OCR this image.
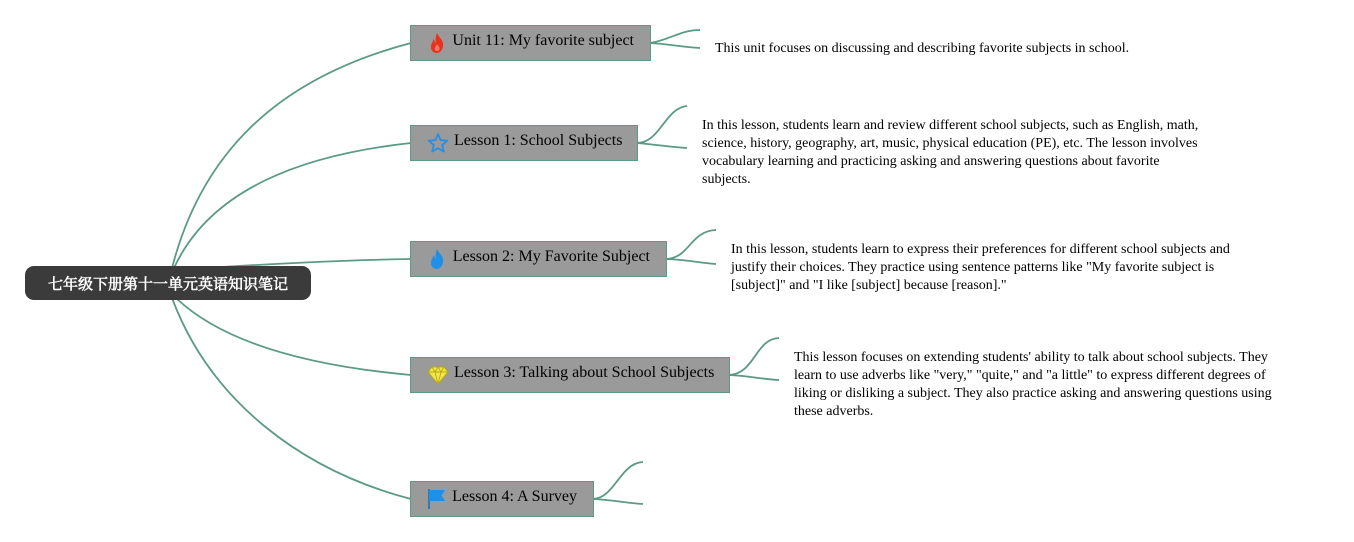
七年级下册第十一单元英语知识笔记
Unit 11: My favorite subject	This unit focuses on discussing and describing favorite subjects in school.
Lesson 1: School Subjects
In this lesson, students learn and review different school subjects, such as English, math, science, history, geography, art, music, physical education (PE), etc. The lesson involves vocabulary learning and practicing asking and answering questions about favorite subjects.
Lesson 2: My Favorite Subject	In this lesson, students learn to express their preferences for different school subjects and justify their choices. They practice using sentence patterns like "My favorite subject is [subject]" and "I like [subject] because [reason]."
Lesson 3: Talking about School Subjects
This lesson focuses on extending students' ability to talk about school subjects. They learn to use adverbs like "very," "quite," and "a little" to express different degrees of liking or disliking a subject. They also practice asking and answering questions using these adverbs.
Lesson 4: A Survey
